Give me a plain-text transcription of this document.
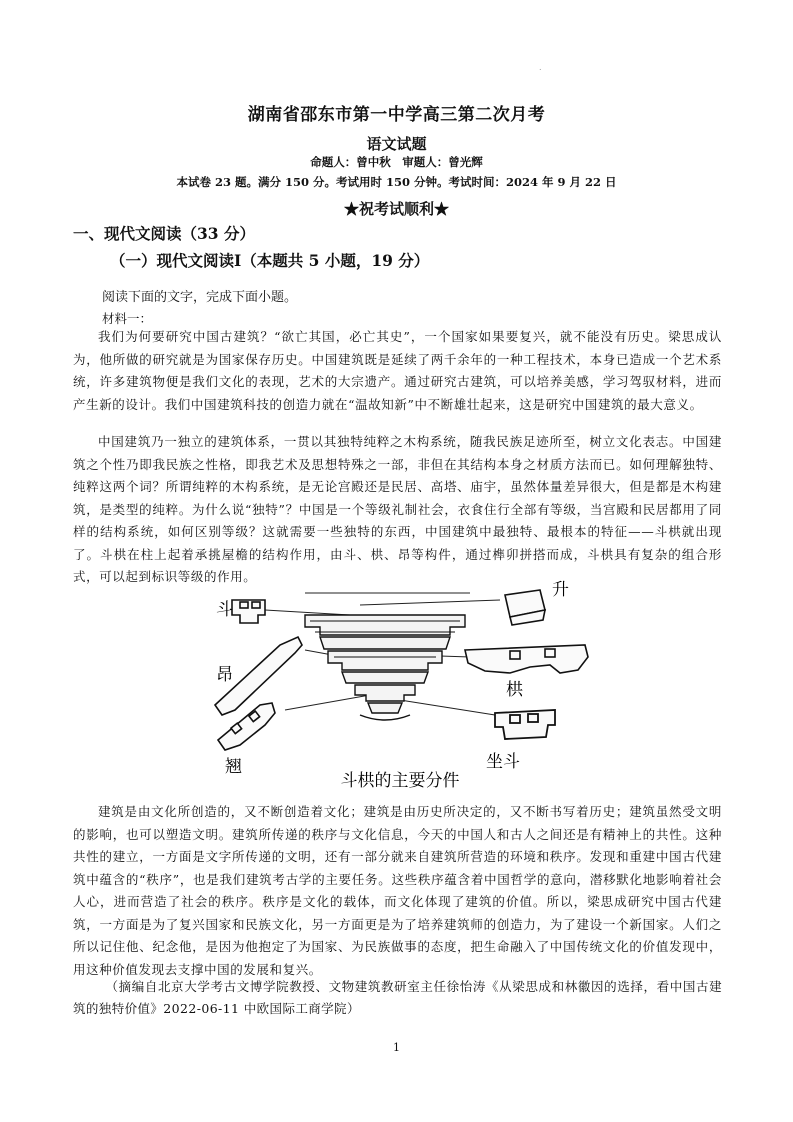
.
湖南省邵东市第一中学高三第二次月考
语文试题
命题人：曾中秋　审题人：曾光辉
本试卷 23 题。满分 150 分。考试用时 150 分钟。考试时间：2024 年 9 月 22 日
★祝考试顺利★
一、现代文阅读（33 分）
（一）现代文阅读Ⅰ（本题共 5 小题，19 分）
阅读下面的文字，完成下面小题。
材料一：
我们为何要研究中国古建筑？“欲亡其国，必亡其史”，一个国家如果要复兴，就不能没有历史。梁思成认为，他所做的研究就是为国家保存历史。中国建筑既是延续了两千余年的一种工程技术，本身已造成一个艺术系统，许多建筑物便是我们文化的表现，艺术的大宗遗产。通过研究古建筑，可以培养美感，学习驾驭材料，进而产生新的设计。我们中国建筑科技的创造力就在“温故知新”中不断雄壮起来，这是研究中国建筑的最大意义。
中国建筑乃一独立的建筑体系，一贯以其独特纯粹之木构系统，随我民族足迹所至，树立文化表志。中国建筑之个性乃即我民族之性格，即我艺术及思想特殊之一部，非但在其结构本身之材质方法而已。如何理解独特、纯粹这两个词？所谓纯粹的木构系统，是无论宫殿还是民居、高塔、庙宇，虽然体量差异很大，但是都是木构建筑，是类型的纯粹。为什么说“独特”？中国是一个等级礼制社会，衣食住行全部有等级，当宫殿和民居都用了同样的结构系统，如何区别等级？这就需要一些独特的东西，中国建筑中最独特、最根本的特征——斗栱就出现了。斗栱在柱上起着承挑屋檐的结构作用，由斗、栱、昂等构件，通过榫卯拼搭而成，斗栱具有复杂的组合形式，可以起到标识等级的作用。
斗
升
昂
栱
翘	坐斗
斗栱的主要分件
建筑是由文化所创造的，又不断创造着文化；建筑是由历史所决定的，又不断书写着历史；建筑虽然受文明的影响，也可以塑造文明。建筑所传递的秩序与文化信息，今天的中国人和古人之间还是有精神上的共性。这种共性的建立，一方面是文字所传递的文明，还有一部分就来自建筑所营造的环境和秩序。发现和重建中国古代建筑中蕴含的“秩序”，也是我们建筑考古学的主要任务。这些秩序蕴含着中国哲学的意向，潜移默化地影响着社会人心，进而营造了社会的秩序。秩序是文化的载体，而文化体现了建筑的价值。所以，梁思成研究中国古代建筑，一方面是为了复兴国家和民族文化，另一方面更是为了培养建筑师的创造力，为了建设一个新国家。人们之所以记住他、纪念他，是因为他抱定了为国家、为民族做事的态度，把生命融入了中国传统文化的价值发现中，用这种价值发现去支撑中国的发展和复兴。
（摘编自北京大学考古文博学院教授、文物建筑教研室主任徐怡涛《从梁思成和林徽因的选择，看中国古建筑的独特价值》2022-06-11 中欧国际工商学院）
1
